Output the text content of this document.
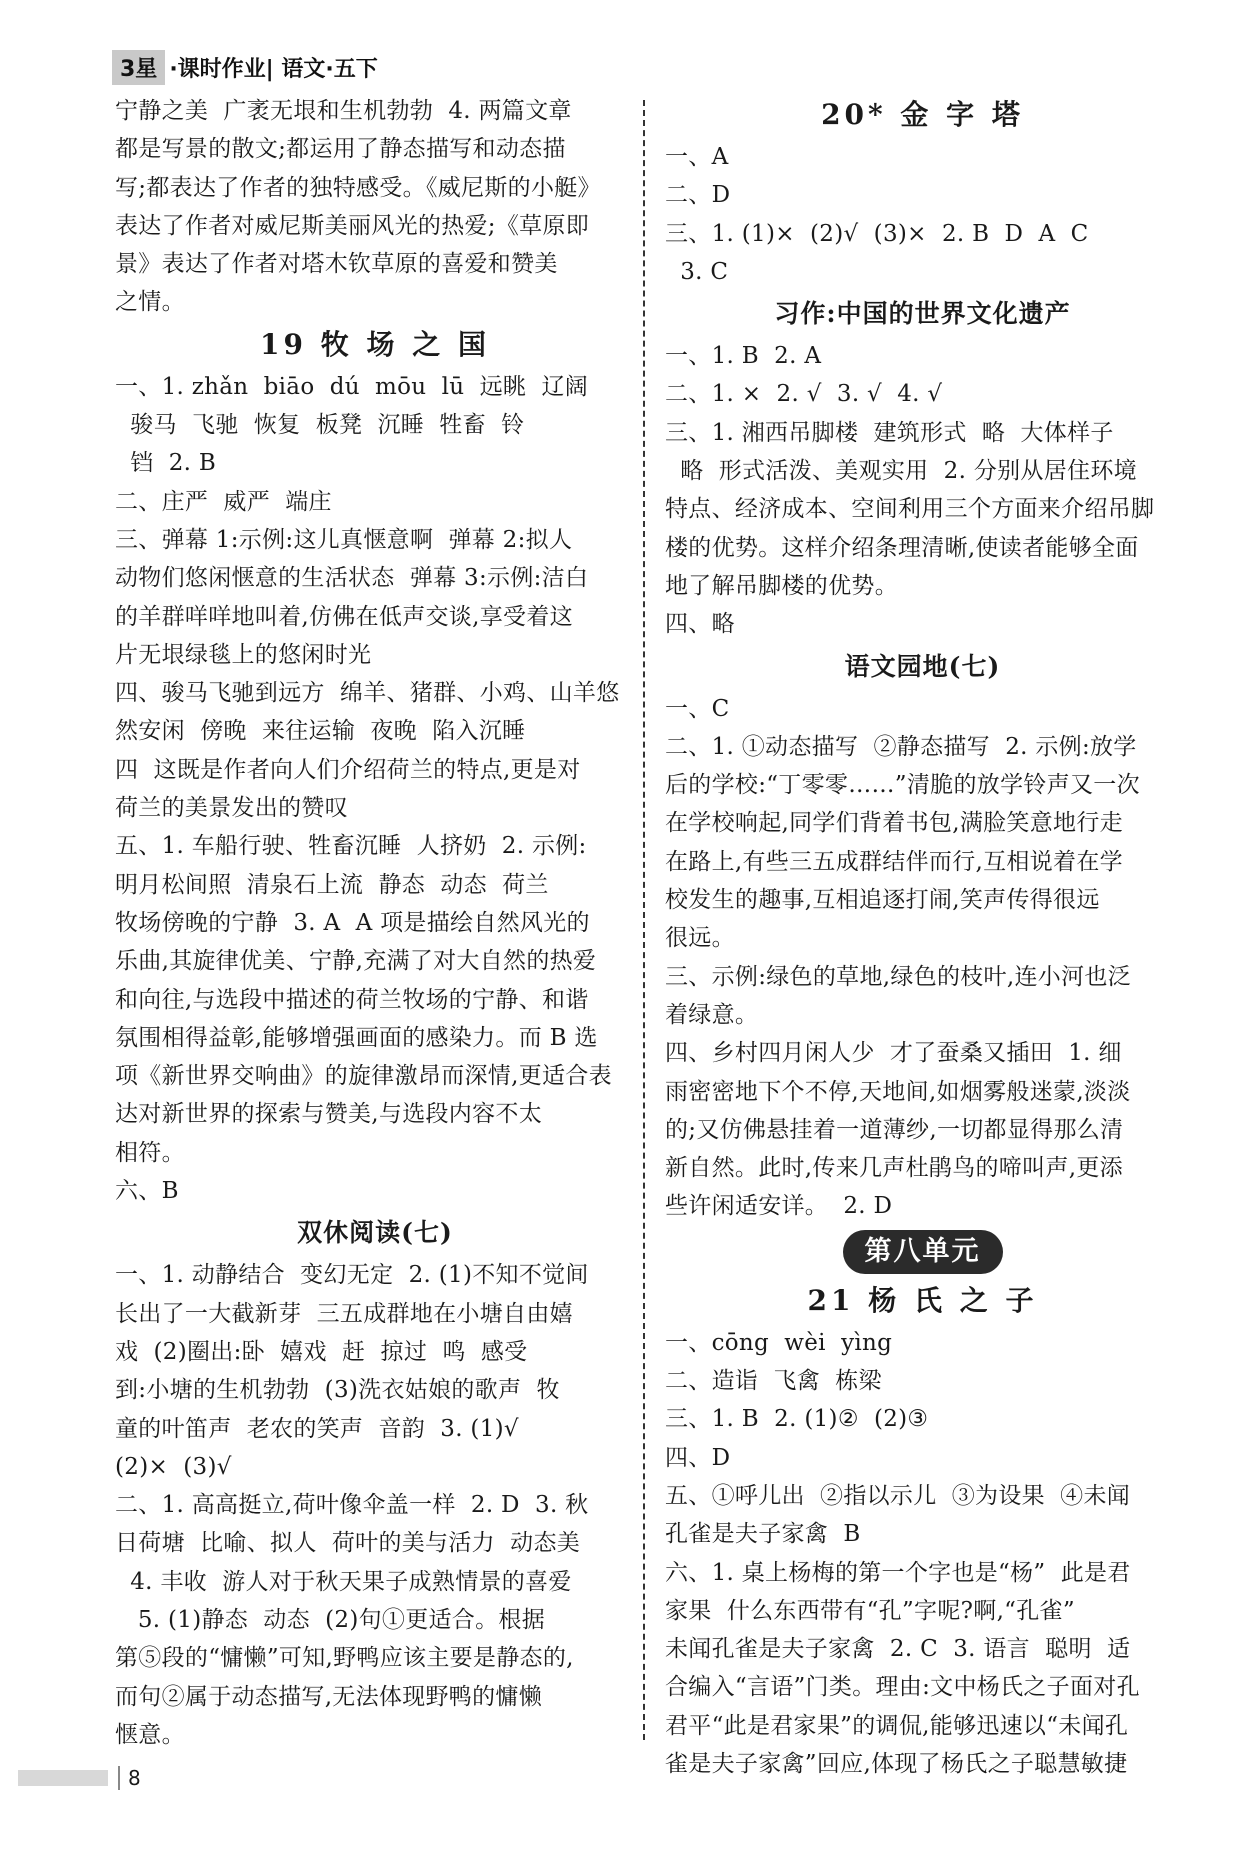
3星 ·课时作业| 语文·五下
宁静之美  广袤无垠和生机勃勃  4. 两篇文章
都是写景的散文;都运用了静态描写和动态描
写;都表达了作者的独特感受。《威尼斯的小艇》
表达了作者对威尼斯美丽风光的热爱;《草原即
景》表达了作者对塔木钦草原的喜爱和赞美
之情。
19 牧 场 之 国
一、1. zhǎn  biāo  dú  mōu  lū  远眺  辽阔
骏马  飞驰  恢复  板凳  沉睡  牲畜  铃
铛  2. B
二、庄严  威严  端庄
三、弹幕 1:示例:这儿真惬意啊  弹幕 2:拟人
动物们悠闲惬意的生活状态  弹幕 3:示例:洁白
的羊群咩咩地叫着,仿佛在低声交谈,享受着这
片无垠绿毯上的悠闲时光
四、骏马飞驰到远方  绵羊、猪群、小鸡、山羊悠
然安闲  傍晚  来往运输  夜晚  陷入沉睡
四  这既是作者向人们介绍荷兰的特点,更是对
荷兰的美景发出的赞叹
五、1. 车船行驶、牲畜沉睡  人挤奶  2. 示例:
明月松间照  清泉石上流  静态  动态  荷兰
牧场傍晚的宁静  3. A  A 项是描绘自然风光的
乐曲,其旋律优美、宁静,充满了对大自然的热爱
和向往,与选段中描述的荷兰牧场的宁静、和谐
氛围相得益彰,能够增强画面的感染力。而 B 选
项《新世界交响曲》的旋律激昂而深情,更适合表
达对新世界的探索与赞美,与选段内容不太
相符。
六、B
双休阅读(七)
一、1. 动静结合  变幻无定  2. (1)不知不觉间
长出了一大截新芽  三五成群地在小塘自由嬉
戏  (2)圈出:卧  嬉戏  赶  掠过  鸣  感受
到:小塘的生机勃勃  (3)洗衣姑娘的歌声  牧
童的叶笛声  老农的笑声  音韵  3. (1)√
(2)×  (3)√
二、1. 高高挺立,荷叶像伞盖一样  2. D  3. 秋
日荷塘  比喻、拟人  荷叶的美与活力  动态美
4. 丰收  游人对于秋天果子成熟情景的喜爱
5. (1)静态  动态  (2)句①更适合。根据
第⑤段的“慵懒”可知,野鸭应该主要是静态的,
而句②属于动态描写,无法体现野鸭的慵懒
惬意。
20* 金 字 塔
一、A
二、D
三、1. (1)×  (2)√  (3)×  2. B  D  A  C
3. C
习作:中国的世界文化遗产
一、1. B  2. A
二、1. ×  2. √  3. √  4. √
三、1. 湘西吊脚楼  建筑形式  略  大体样子
略  形式活泼、美观实用  2. 分别从居住环境
特点、经济成本、空间利用三个方面来介绍吊脚
楼的优势。这样介绍条理清晰,使读者能够全面
地了解吊脚楼的优势。
四、略
语文园地(七)
一、C
二、1. ①动态描写  ②静态描写  2. 示例:放学
后的学校:“丁零零……”清脆的放学铃声又一次
在学校响起,同学们背着书包,满脸笑意地行走
在路上,有些三五成群结伴而行,互相说着在学
校发生的趣事,互相追逐打闹,笑声传得很远
很远。
三、示例:绿色的草地,绿色的枝叶,连小河也泛
着绿意。
四、乡村四月闲人少  才了蚕桑又插田  1. 细
雨密密地下个不停,天地间,如烟雾般迷蒙,淡淡
的;又仿佛悬挂着一道薄纱,一切都显得那么清
新自然。此时,传来几声杜鹃鸟的啼叫声,更添
些许闲适安详。  2. D
第八单元
21 杨 氏 之 子
一、cōng  wèi  yìng
二、造诣  飞禽  栋梁
三、1. B  2. (1)②  (2)③
四、D
五、①呼儿出  ②指以示儿  ③为设果  ④未闻
孔雀是夫子家禽  B
六、1. 桌上杨梅的第一个字也是“杨”  此是君
家果  什么东西带有“孔”字呢?啊,“孔雀”
未闻孔雀是夫子家禽  2. C  3. 语言  聪明  适
合编入“言语”门类。理由:文中杨氏之子面对孔
君平“此是君家果”的调侃,能够迅速以“未闻孔
雀是夫子家禽”回应,体现了杨氏之子聪慧敏捷
8
